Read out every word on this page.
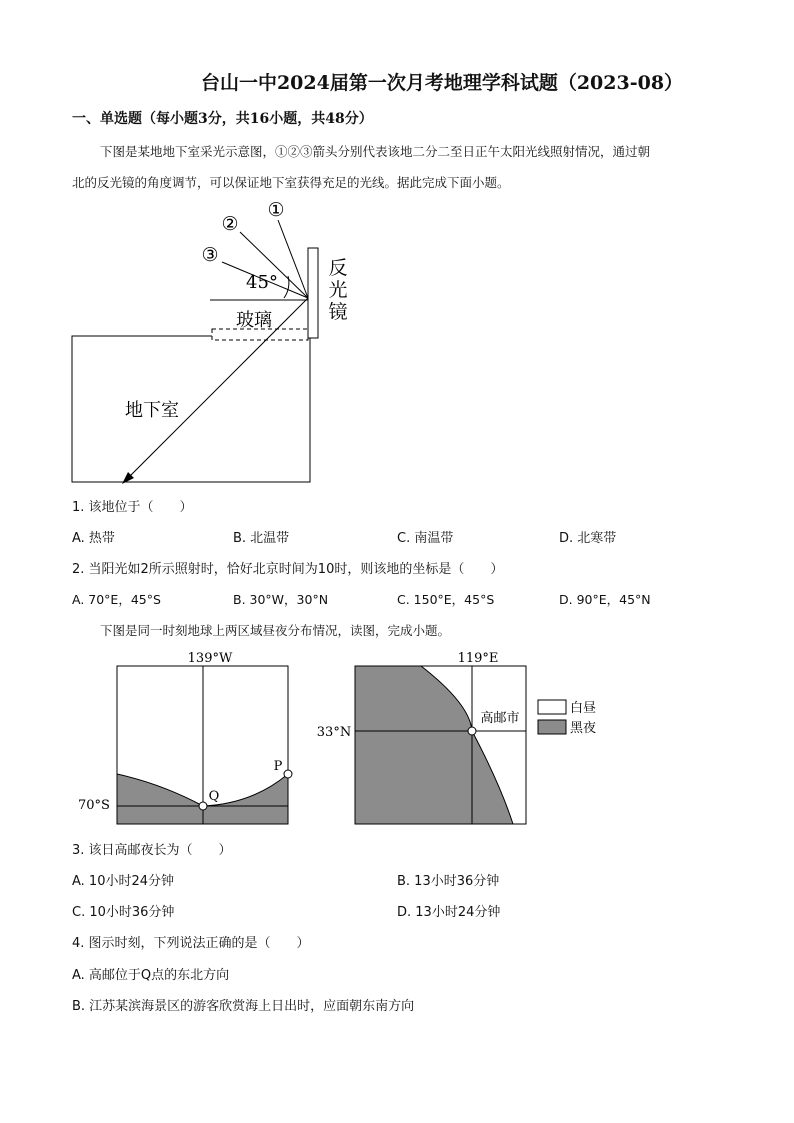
台山一中2024届第一次月考地理学科试题（2023-08）
一、单选题（每小题3分，共16小题，共48分）
下图是某地地下室采光示意图，①②③箭头分别代表该地二分二至日正午太阳光线照射情况，通过朝
北的反光镜的角度调节，可以保证地下室获得充足的光线。据此完成下面小题。
①
②
③
45°
反
光
镜
玻璃
地下室
1. 该地位于（　　）
A. 热带	B. 北温带	C. 南温带	D. 北寒带
2. 当阳光如2所示照射时，恰好北京时间为10时，则该地的坐标是（　　）
A. 70°E，45°S	B. 30°W，30°N	C. 150°E，45°S	D. 90°E，45°N
下图是同一时刻地球上两区域昼夜分布情况，读图，完成小题。
139°W
70°S
Q
P
119°E
33°N
高邮市
白昼
黑夜
3. 该日高邮夜长为（　　）
A. 10小时24分钟	B. 13小时36分钟
C. 10小时36分钟	D. 13小时24分钟
4. 图示时刻，下列说法正确的是（　　）
A. 高邮位于Q点的东北方向
B. 江苏某滨海景区的游客欣赏海上日出时，应面朝东南方向
